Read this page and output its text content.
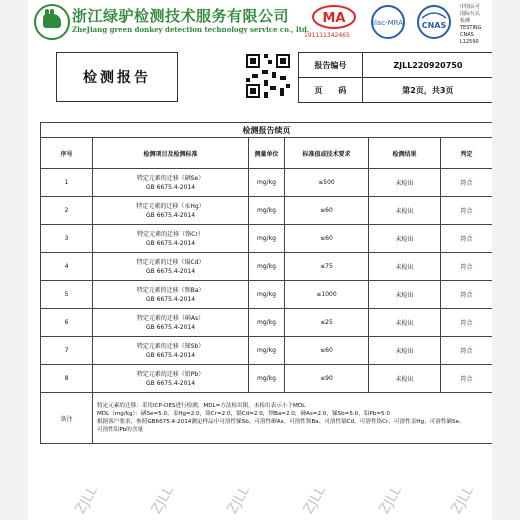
浙江绿驴检测技术服务有限公司
ZheJiang green donkey detection technology service co., ltd.
MA
191111342465
ilac-MRA CNAS
中国认可
国际互认
检测
TESTING
CNAS L12590
检测报告
报告编号	ZJLL220920750
页　　码	第2页，共3页
检测报告续页					
序号	检测项目及检测标准	测量单位	标准值或技术要求	检测结果	判定
1	特定元素的迁移（硒Se）
GB 6675.4-2014	mg/kg	≤500	未检出	符合
2	特定元素的迁移（汞Hg）
GB 6675.4-2014	mg/kg	≤60	未检出	符合
3	特定元素的迁移（铬Cr）
GB 6675.4-2014	mg/kg	≤60	未检出	符合
4	特定元素的迁移（镉Cd）
GB 6675.4-2014	mg/kg	≤75	未检出	符合
5	特定元素的迁移（钡Ba）
GB 6675.4-2014	mg/kg	≤1000	未检出	符合
6	特定元素的迁移（砷As）
GB 6675.4-2014	mg/kg	≤25	未检出	符合
7	特定元素的迁移（锑Sb）
GB 6675.4-2014	mg/kg	≤60	未检出	符合
8	特定元素的迁移（铅Pb）
GB 6675.4-2014	mg/kg	≤90	未检出	符合
备注	特定元素的迁移：采用ICP-OES进行检测，MDL=方法检出限，未检出表示小于MDL
MDL（mg/kg）：硒Se=5.0，汞Hg=2.0，铬Cr=2.0，镉Cd=2.0，钡Ba=2.0，砷As=2.0，锑Sb=5.0，铅Pb=5.0
根据客户要求，参照GB6675.4-2014测定样品中可溶性锑Sb、可溶性砷As、可溶性钡Ba、可溶性镉Cd、可溶性铬Cr、可溶性汞Hg、可溶性硒Se、
可溶性铅Pb的含量				
ZJLL	ZJLL	ZJLL	ZJLL	ZJLL	ZJLL
